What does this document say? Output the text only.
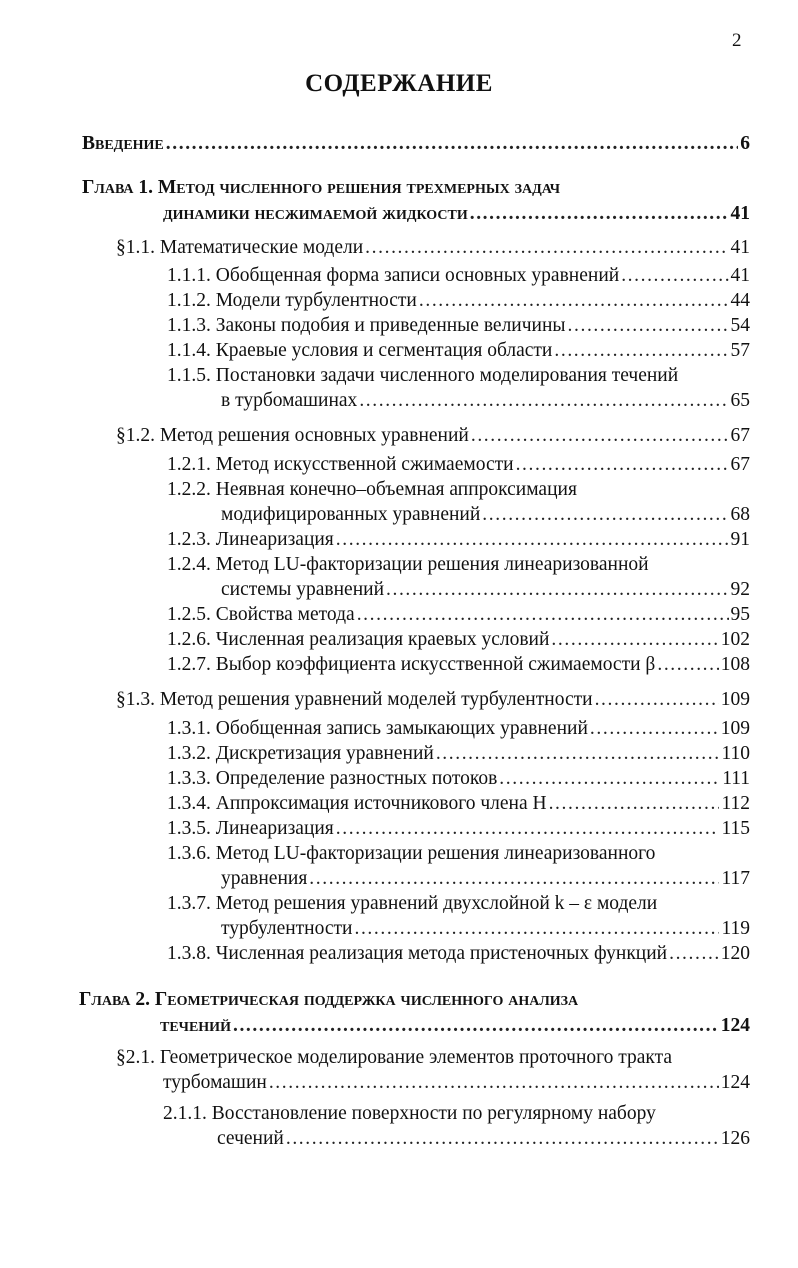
2
СОДЕРЖАНИЕ
Введение .....	6
Глава 1. Метод численного решения трехмерных задач
динамики несжимаемой жидкости .....	41
§1.1. Математические модели .....	41
1.1.1. Обобщенная форма записи основных уравнений .....	41
1.1.2. Модели турбулентности .....	44
1.1.3. Законы подобия и приведенные величины .....	54
1.1.4. Краевые условия и сегментация области .....	57
1.1.5. Постановки задачи численного моделирования течений
в турбомашинах .....	65
§1.2. Метод решения основных уравнений .....	67
1.2.1. Метод искусственной сжимаемости .....	67
1.2.2. Неявная конечно–объемная аппроксимация
модифицированных уравнений .....	68
1.2.3. Линеаризация .....	91
1.2.4. Метод LU-факторизации решения линеаризованной
системы уравнений .....	92
1.2.5. Свойства метода .....	95
1.2.6. Численная реализация краевых условий .....	102
1.2.7. Выбор коэффициента искусственной сжимаемости β .....	108
§1.3. Метод решения уравнений моделей турбулентности .....	109
1.3.1. Обобщенная запись замыкающих уравнений .....	109
1.3.2. Дискретизация уравнений .....	110
1.3.3. Определение разностных потоков .....	111
1.3.4. Аппроксимация источникового члена H .....	112
1.3.5. Линеаризация .....	115
1.3.6. Метод LU-факторизации решения линеаризованного
уравнения .....	117
1.3.7. Метод решения уравнений двухслойной k – ε модели
турбулентности .....	119
1.3.8. Численная реализация метода пристеночных функций .....	120
Глава 2. Геометрическая поддержка численного анализа
течений .....	124
§2.1. Геометрическое моделирование элементов проточного тракта
турбомашин .....	124
2.1.1. Восстановление поверхности по регулярному набору
сечений .....	126
